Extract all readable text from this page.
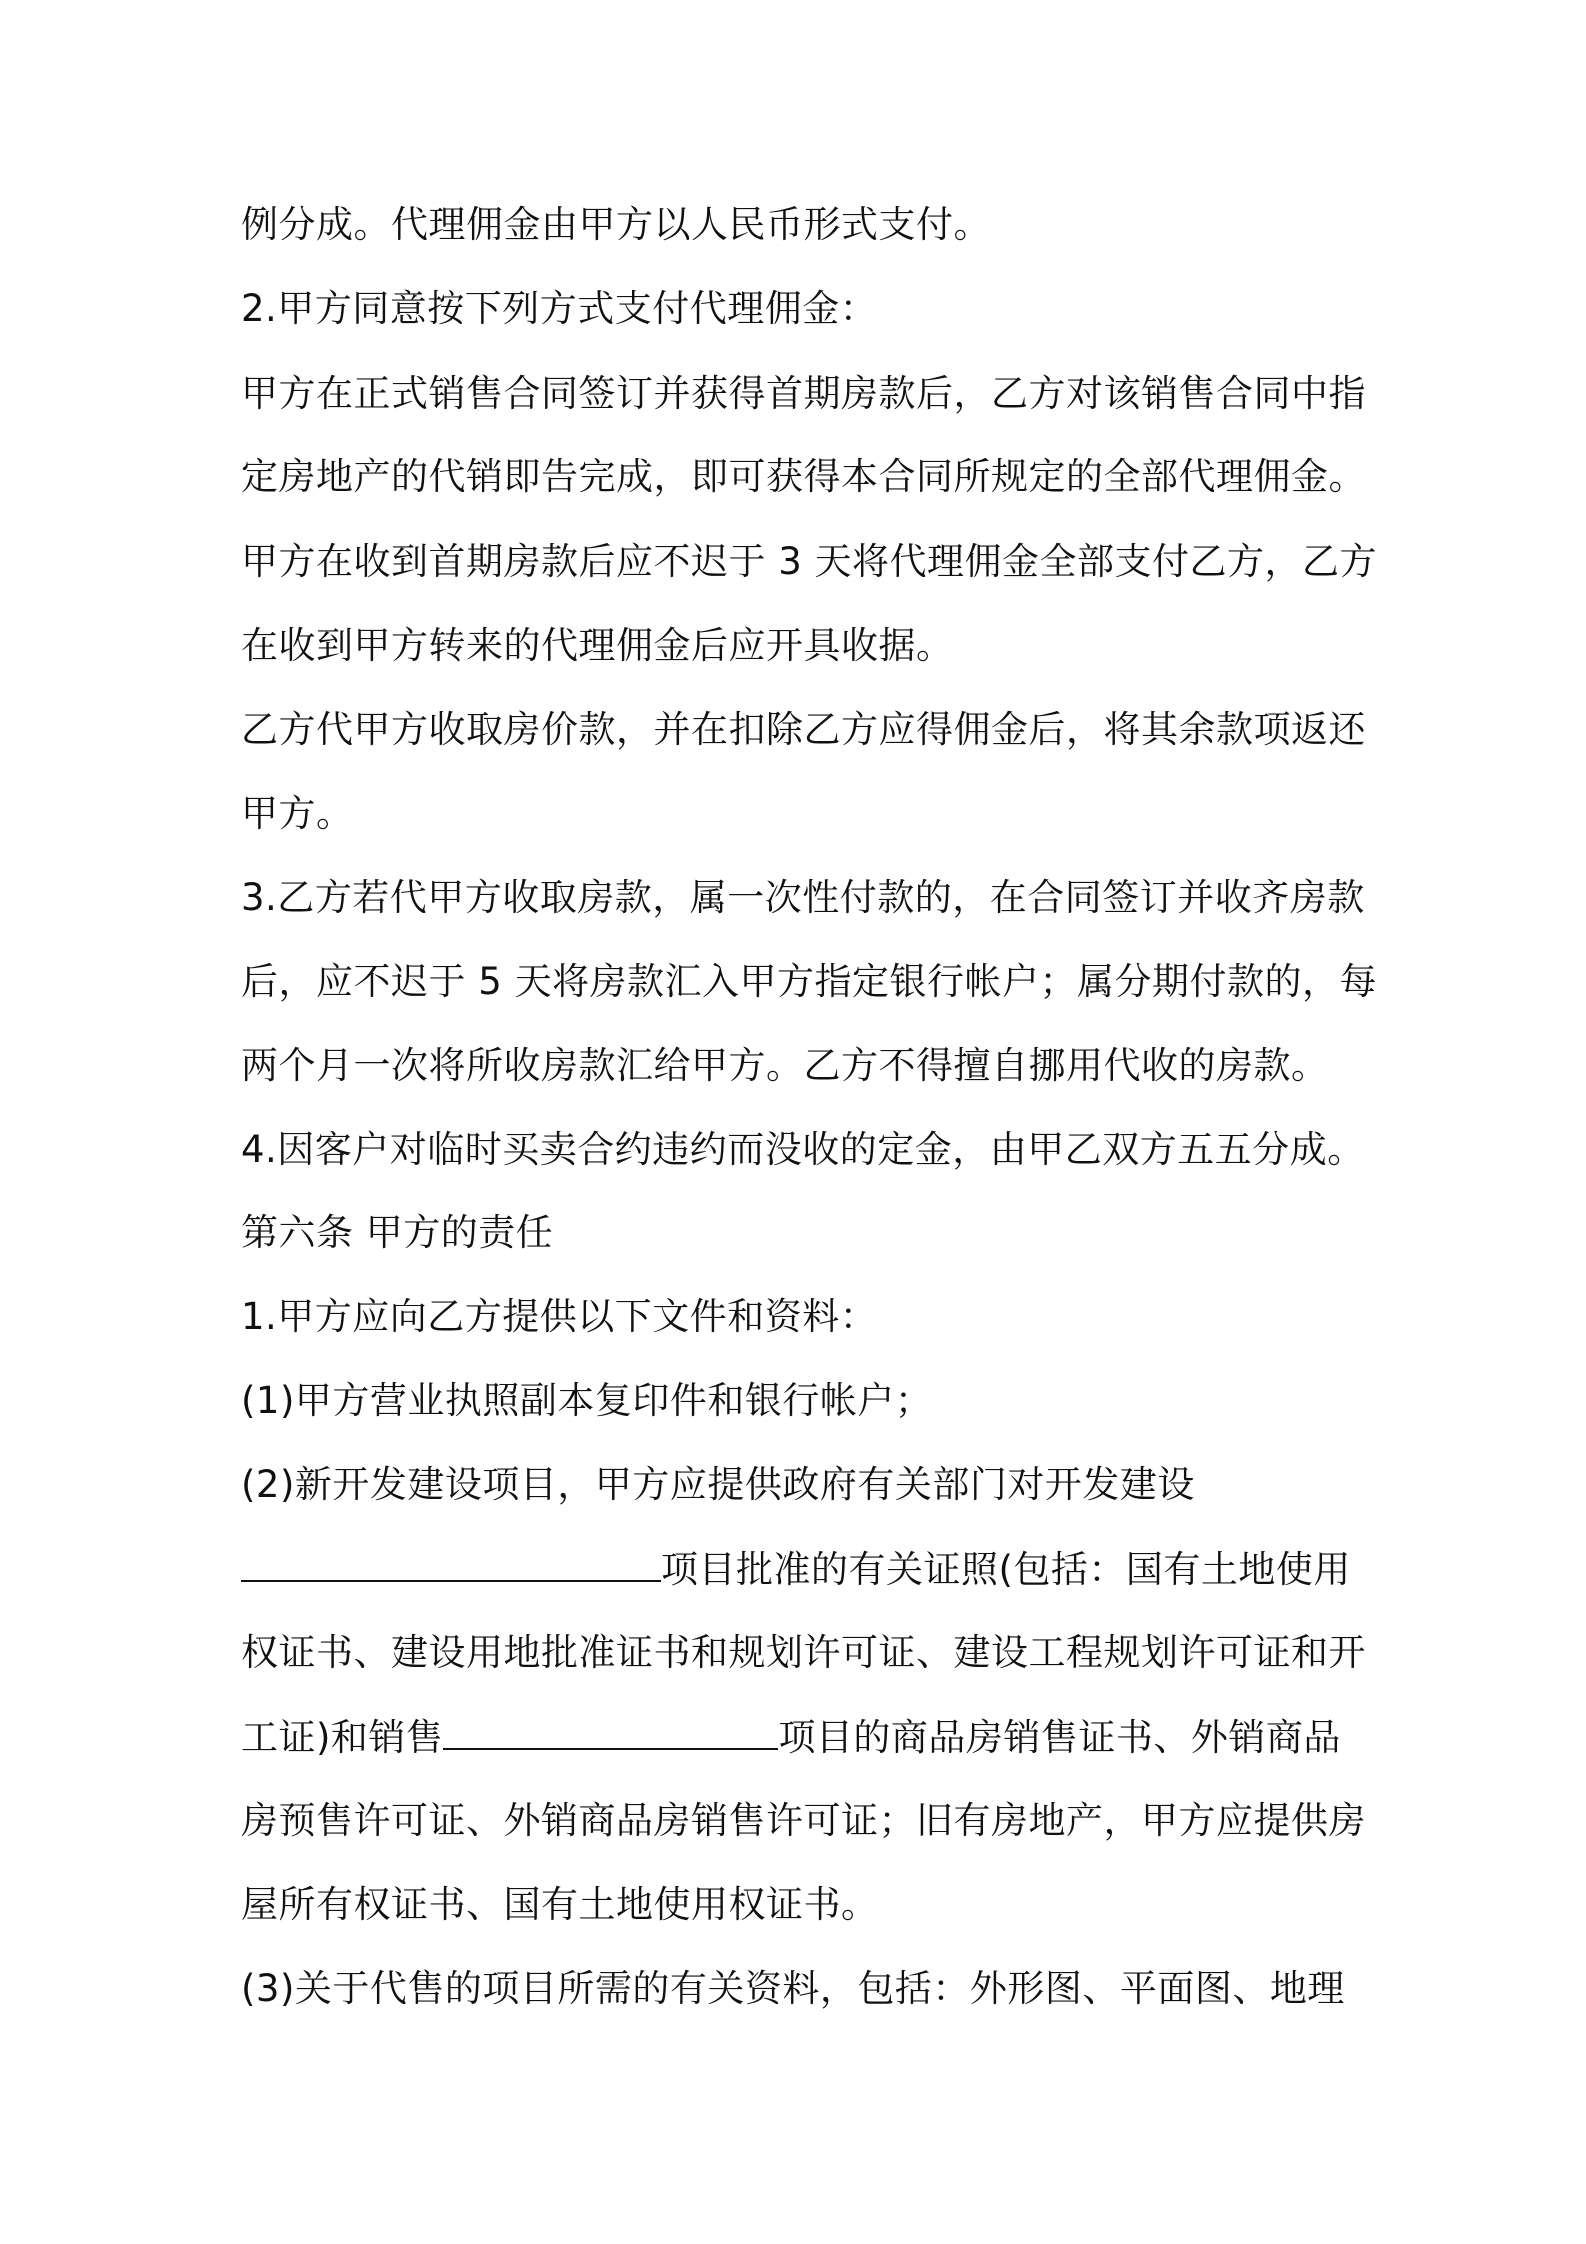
例分成。代理佣金由甲方以人民币形式支付。
2.甲方同意按下列方式支付代理佣金：
甲方在正式销售合同签订并获得首期房款后，乙方对该销售合同中指
定房地产的代销即告完成，即可获得本合同所规定的全部代理佣金。
甲方在收到首期房款后应不迟于 3 天将代理佣金全部支付乙方，乙方
在收到甲方转来的代理佣金后应开具收据。
乙方代甲方收取房价款，并在扣除乙方应得佣金后，将其余款项返还
甲方。
3.乙方若代甲方收取房款，属一次性付款的，在合同签订并收齐房款
后，应不迟于 5 天将房款汇入甲方指定银行帐户；属分期付款的，每
两个月一次将所收房款汇给甲方。乙方不得擅自挪用代收的房款。
4.因客户对临时买卖合约违约而没收的定金，由甲乙双方五五分成。
第六条 甲方的责任
1.甲方应向乙方提供以下文件和资料：
(1)甲方营业执照副本复印件和银行帐户；
(2)新开发建设项目，甲方应提供政府有关部门对开发建设
项目批准的有关证照(包括：国有土地使用
权证书、建设用地批准证书和规划许可证、建设工程规划许可证和开
工证)和销售	项目的商品房销售证书、外销商品
房预售许可证、外销商品房销售许可证；旧有房地产，甲方应提供房
屋所有权证书、国有土地使用权证书。
(3)关于代售的项目所需的有关资料，包括：外形图、平面图、地理
